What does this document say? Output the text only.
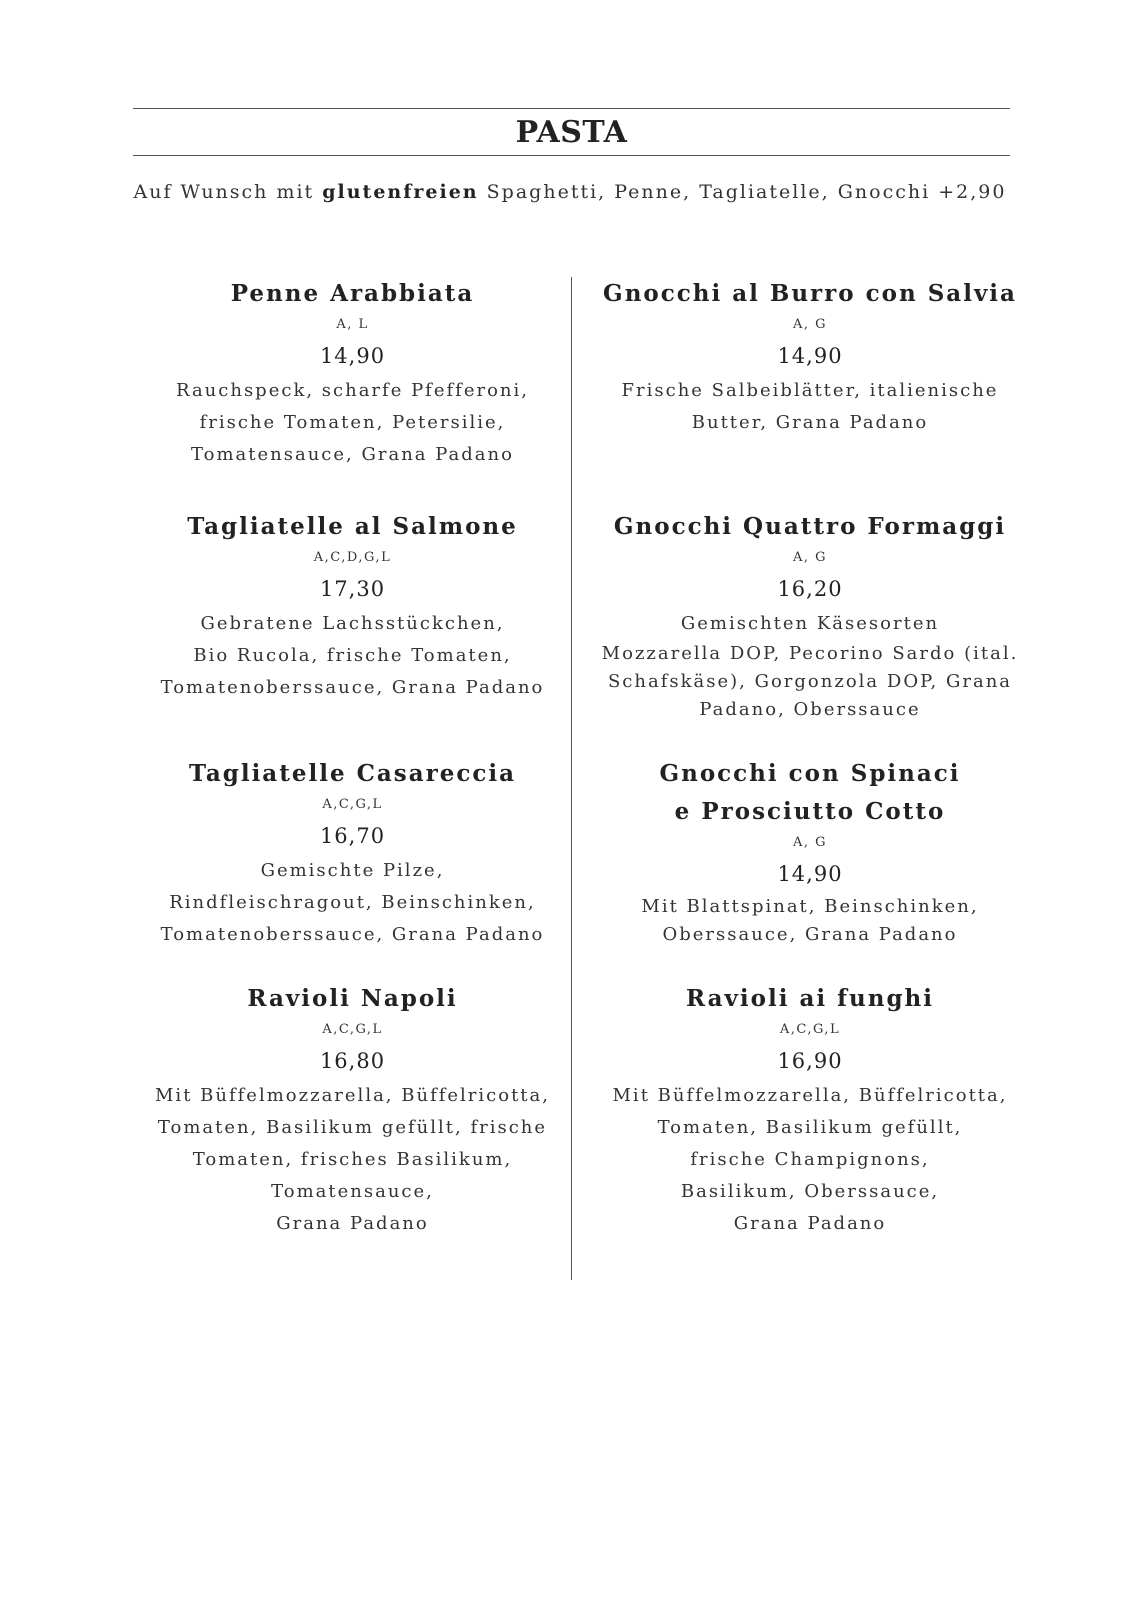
PASTA
Auf Wunsch mit glutenfreien Spaghetti, Penne, Tagliatelle, Gnocchi +2,90
Penne Arabbiata
A, L
14,90
Rauchspeck, scharfe Pfefferoni,
frische Tomaten, Petersilie,
Tomatensauce, Grana Padano
Tagliatelle al Salmone
A,C,D,G,L
17,30
Gebratene Lachsstückchen,
Bio Rucola, frische Tomaten,
Tomatenoberssauce, Grana Padano
Tagliatelle Casareccia
A,C,G,L
16,70
Gemischte Pilze,
Rindfleischragout, Beinschinken,
Tomatenoberssauce, Grana Padano
Ravioli Napoli
A,C,G,L
16,80
Mit Büffelmozzarella, Büffelricotta,
Tomaten, Basilikum gefüllt, frische
Tomaten, frisches Basilikum,
Tomatensauce,
Grana Padano
Gnocchi al Burro con Salvia
A, G
14,90
Frische Salbeiblätter, italienische
Butter, Grana Padano
Gnocchi Quattro Formaggi
A, G
16,20
Gemischten Käsesorten
Mozzarella DOP, Pecorino Sardo (ital.
Schafskäse), Gorgonzola DOP, Grana
Padano, Oberssauce
Gnocchi con Spinaci
e Prosciutto Cotto
A, G
14,90
Mit Blattspinat, Beinschinken,
Oberssauce, Grana Padano
Ravioli ai funghi
A,C,G,L
16,90
Mit Büffelmozzarella, Büffelricotta,
Tomaten, Basilikum gefüllt,
frische Champignons,
Basilikum, Oberssauce,
Grana Padano
